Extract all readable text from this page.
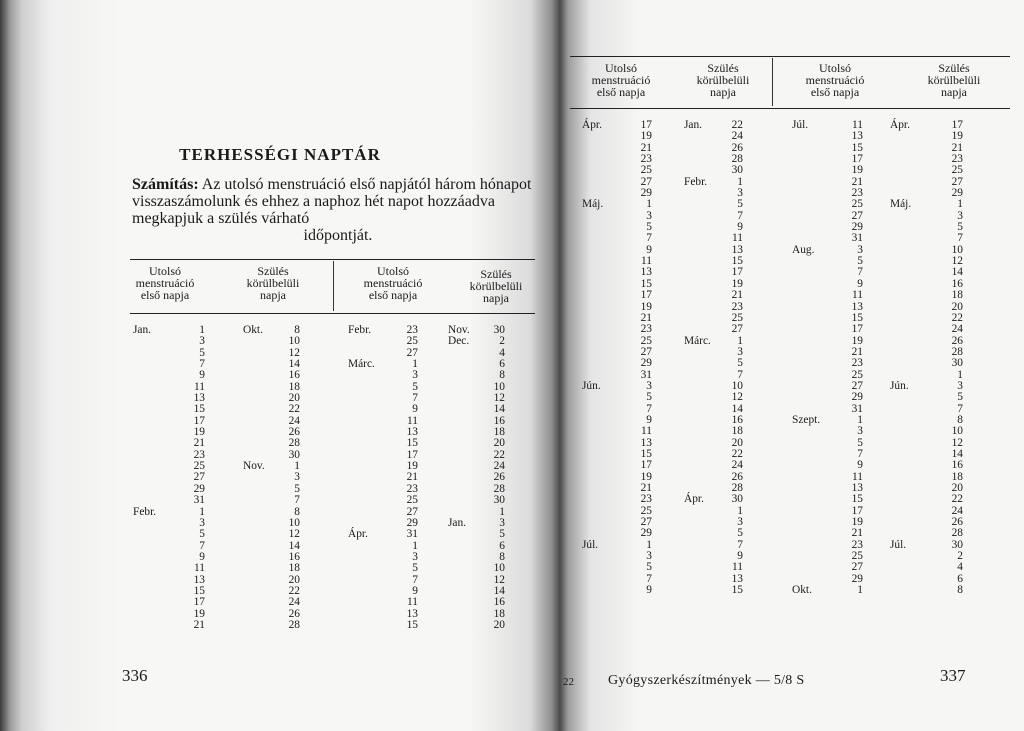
TERHESSÉGI NAPTÁR
Számítás: Az utolsó menstruáció első napjától három hónapot visszaszámolunk és ehhez a naphoz hét napot hozzáadva megkapjuk a szülés várható
időpontját.
Utolsó
menstruáció
első napja
Szülés
körülbelüli
napja
Utolsó
menstruáció
első napja
Szülés
körülbelüli
napja
Jan.
Febr.
1
3
5
7
9
11
13
15
17
19
21
23
25
27
29
31
1
3
5
7
9
11
13
15
17
19
21
Okt.
Nov.
8
10
12
14
16
18
20
22
24
26
28
30
1
3
5
7
8
10
12
14
16
18
20
22
24
26
28
Febr.
Márc.
Ápr.
23
25
27
1
3
5
7
9
11
13
15
17
19
21
23
25
27
29
31
1
3
5
7
9
11
13
15
Nov.
Dec.
Jan.
30
2
4
6
8
10
12
14
16
18
20
22
24
26
28
30
1
3
5
6
8
10
12
14
16
18
20
336
Utolsó
menstruáció
első napja
Szülés
körülbelüli
napja
Utolsó
menstruáció
első napja
Szülés
körülbelüli
napja
Ápr.
Máj.
Jún.
Júl.
17
19
21
23
25
27
29
1
3
5
7
9
11
13
15
17
19
21
23
25
27
29
31
3
5
7
9
11
13
15
17
19
21
23
25
27
29
1
3
5
7
9
Jan.
Febr.
Márc.
Ápr.
22
24
26
28
30
1
3
5
7
9
11
13
15
17
19
21
23
25
27
1
3
5
7
10
12
14
16
18
20
22
24
26
28
30
1
3
5
7
9
11
13
15
Júl.
Aug.
Szept.
Okt.
11
13
15
17
19
21
23
25
27
29
31
3
5
7
9
11
13
15
17
19
21
23
25
27
29
31
1
3
5
7
9
11
13
15
17
19
21
23
25
27
29
1
Ápr.
Máj.
Jún.
Júl.
17
19
21
23
25
27
29
1
3
5
7
10
12
14
16
18
20
22
24
26
28
30
1
3
5
7
8
10
12
14
16
18
20
22
24
26
28
30
2
4
6
8
22 Gyógyszerkészítmények — 5/8 S	337
